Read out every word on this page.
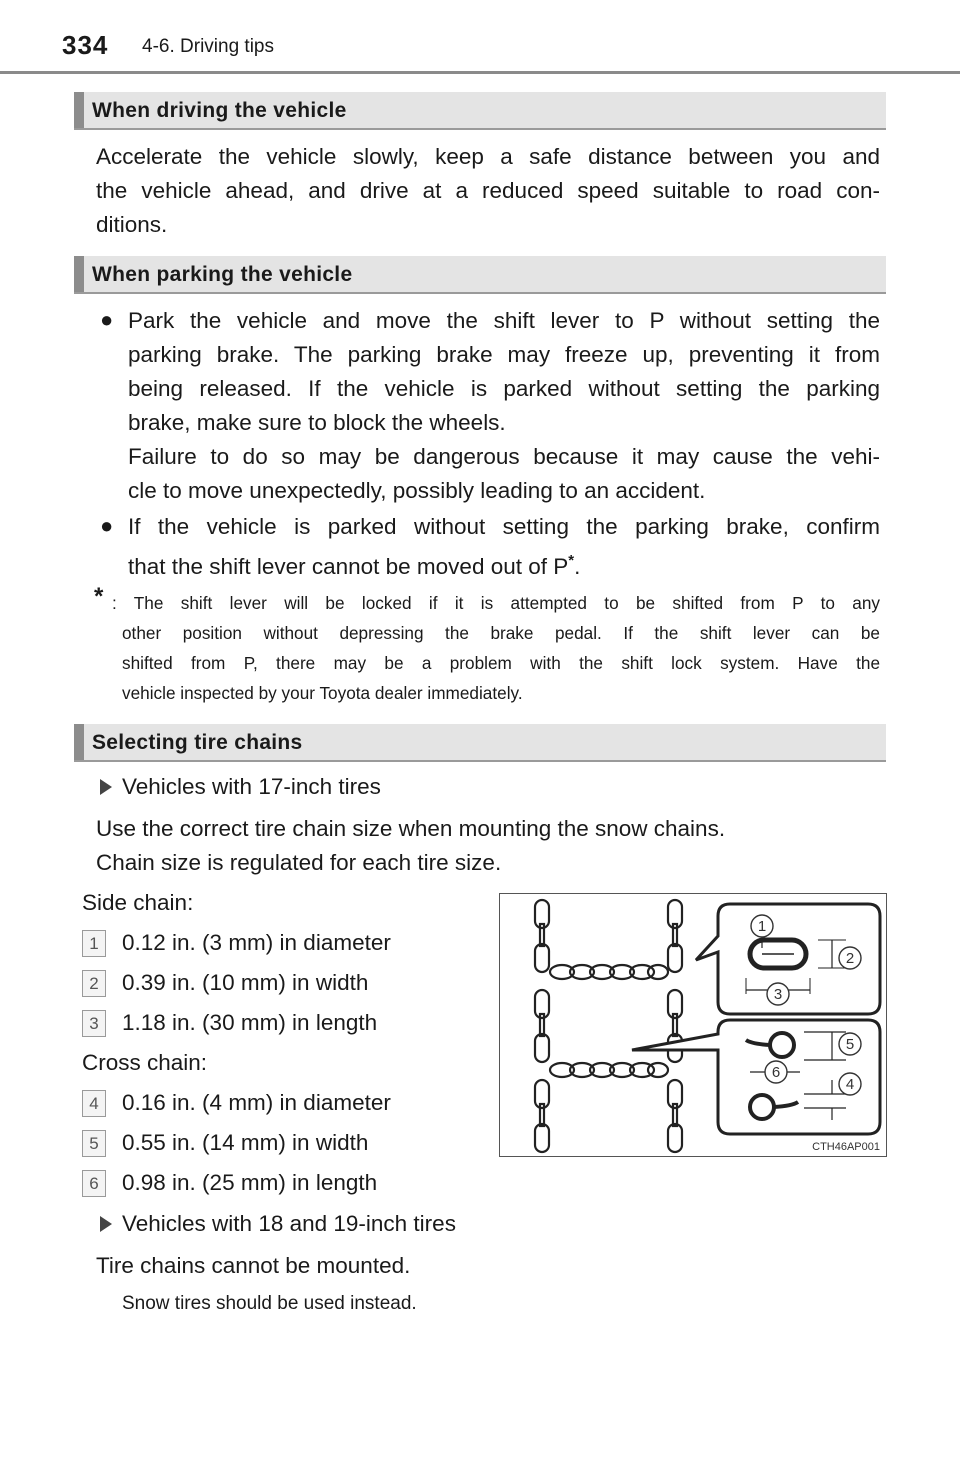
334 4-6. Driving tips
When driving the vehicle
Accelerate the vehicle slowly, keep a safe distance between you and
the vehicle ahead, and drive at a reduced speed suitable to road con-
ditions.
When parking the vehicle
● Park the vehicle and move the shift lever to P without setting the
parking brake. The parking brake may freeze up, preventing it from
being released. If the vehicle is parked without setting the parking
brake, make sure to block the wheels.
Failure to do so may be dangerous because it may cause the vehi-
cle to move unexpectedly, possibly leading to an accident.
● If the vehicle is parked without setting the parking brake, confirm
that the shift lever cannot be moved out of P*.
* : The shift lever will be locked if it is attempted to be shifted from P to any
other position without depressing the brake pedal. If the shift lever can be
shifted from P, there may be a problem with the shift lock system. Have the
vehicle inspected by your Toyota dealer immediately.
Selecting tire chains
Vehicles with 17-inch tires
Use the correct tire chain size when mounting the snow chains.
Chain size is regulated for each tire size.
Side chain:
1	0.12 in. (3 mm) in diameter
2	0.39 in. (10 mm) in width
3	1.18 in. (30 mm) in length
Cross chain:
4	0.16 in. (4 mm) in diameter
5	0.55 in. (14 mm) in width
6	0.98 in. (25 mm) in length
Vehicles with 18 and 19-inch tires
Tire chains cannot be mounted.
Snow tires should be used instead.
1
2
3
4
5
6
CTH46AP001
